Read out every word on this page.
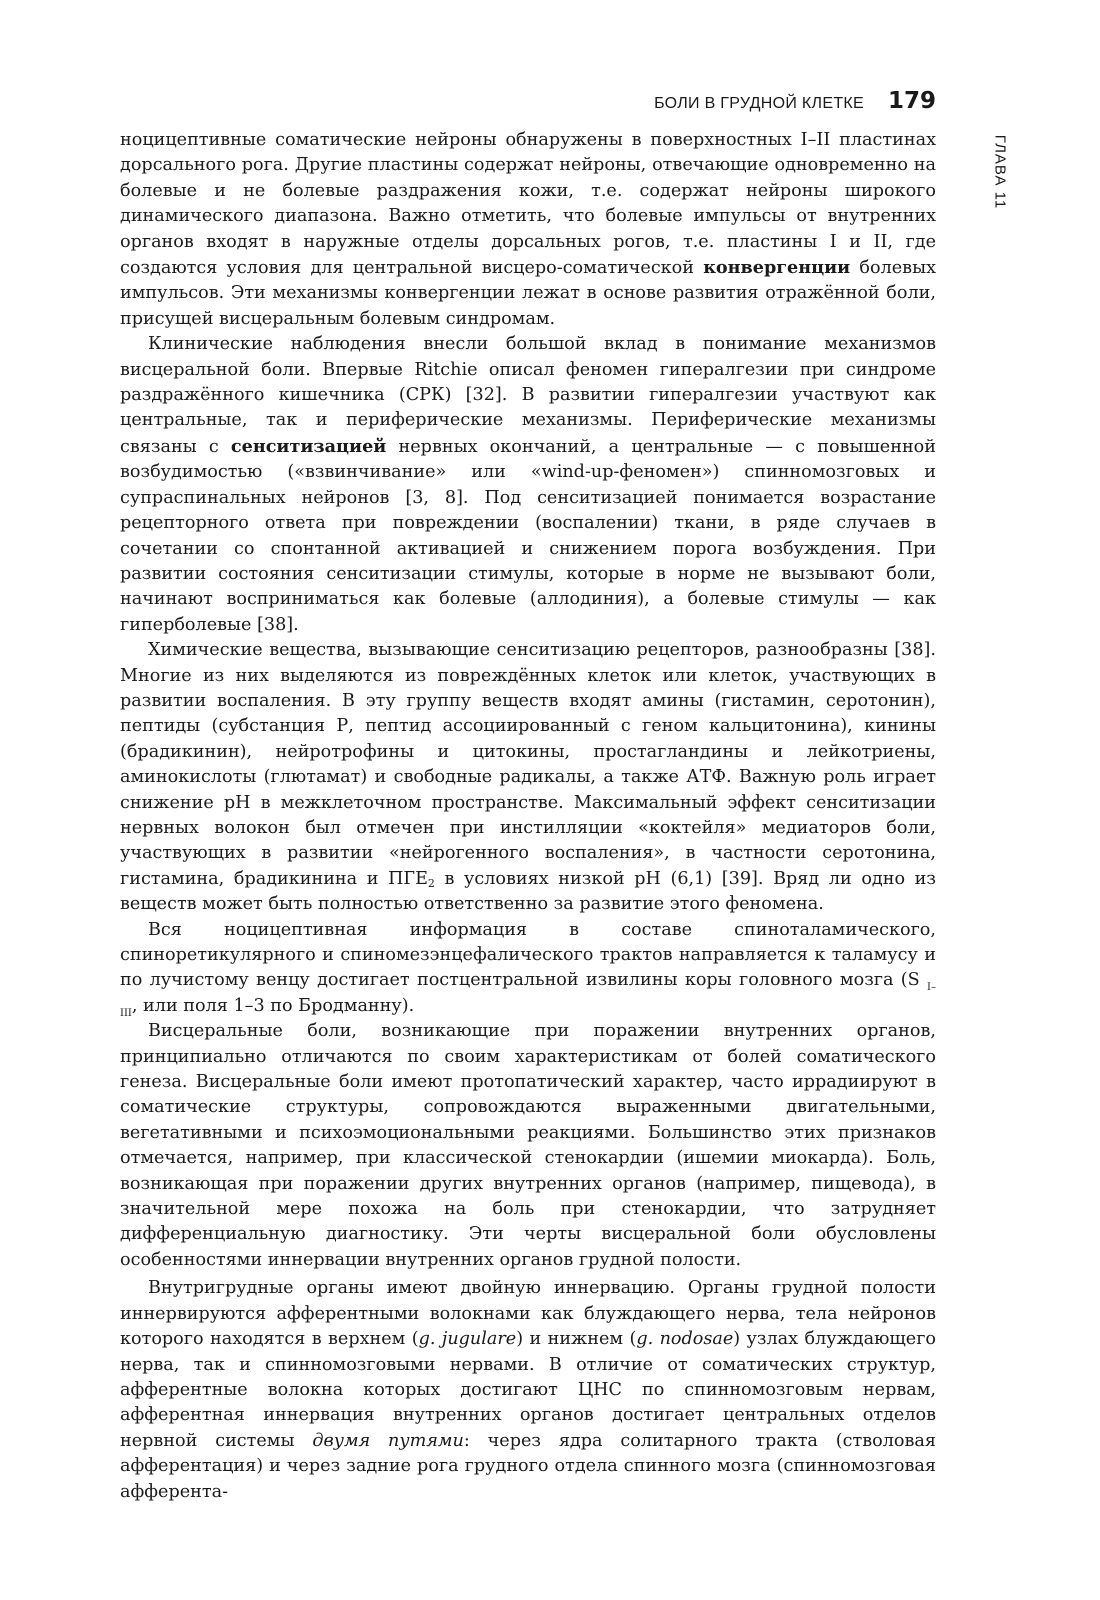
БОЛИ В ГРУДНОЙ КЛЕТКЕ 179
ГЛАВА 11

ноцицептивные соматические нейроны обнаружены в поверхностных I–II пластинах дорсального рога. Другие пластины содержат нейроны, отвечающие одновременно на болевые и не болевые раздражения кожи, т.е. содержат нейроны широкого динамического диапазона. Важно отметить, что болевые импульсы от внутренних органов входят в наружные отделы дорсальных рогов, т.е. пластины I и II, где создаются условия для центральной висцеро-соматической конвергенции болевых импульсов. Эти механизмы конвергенции лежат в основе развития отражённой боли, присущей висцеральным болевым синдромам.

Клинические наблюдения внесли большой вклад в понимание механизмов висцеральной боли. Впервые Ritchie описал феномен гипералгезии при синдроме раздражённого кишечника (СРК) [32]. В развитии гипералгезии участвуют как центральные, так и периферические механизмы. Периферические механизмы связаны с сенситизацией нервных окончаний, а центральные — с повышенной возбудимостью («взвинчивание» или «wind-up-феномен») спинномозговых и супраспинальных нейронов [3, 8]. Под сенситизацией понимается возрастание рецепторного ответа при повреждении (воспалении) ткани, в ряде случаев в сочетании со спонтанной активацией и снижением порога возбуждения. При развитии состояния сенситизации стимулы, которые в норме не вызывают боли, начинают восприниматься как болевые (аллодиния), а болевые стимулы — как гиперболевые [38].

Химические вещества, вызывающие сенситизацию рецепторов, разнообразны [38]. Многие из них выделяются из повреждённых клеток или клеток, участвующих в развитии воспаления. В эту группу веществ входят амины (гистамин, серотонин), пептиды (субстанция Р, пептид ассоциированный с геном кальцитонина), кинины (брадикинин), нейротрофины и цитокины, простагландины и лейкотриены, аминокислоты (глютамат) и свободные радикалы, а также АТФ. Важную роль играет снижение pH в межклеточном пространстве. Максимальный эффект сенситизации нервных волокон был отмечен при инстилляции «коктейля» медиаторов боли, участвующих в развитии «нейрогенного воспаления», в частности серотонина, гистамина, брадикинина и $ПГЕ_2$ в условиях низкой pH (6,1) [39]. Вряд ли одно из веществ может быть полностью ответственно за развитие этого феномена.

Вся ноцицептивная информация в составе спиноталамического, спиноретикулярного и спиномезэнцефалического трактов направляется к таламусу и по лучистому венцу достигает постцентральной извилины коры головного мозга (S $_{I-III}$, или поля 1–3 по Бродманну).

Висцеральные боли, возникающие при поражении внутренних органов, принципиально отличаются по своим характеристикам от болей соматического генеза. Висцеральные боли имеют протопатический характер, часто иррадиируют в соматические структуры, сопровождаются выраженными двигательными, вегетативными и психоэмоциональными реакциями. Большинство этих признаков отмечается, например, при классической стенокардии (ишемии миокарда). Боль, возникающая при поражении других внутренних органов (например, пищевода), в значительной мере похожа на боль при стенокардии, что затрудняет дифференциальную диагностику. Эти черты висцеральной боли обусловлены особенностями иннервации внутренних органов грудной полости.

Внутригрудные органы имеют двойную иннервацию. Органы грудной полости иннервируются афферентными волокнами как блуждающего нерва, тела нейронов которого находятся в верхнем (g. jugulare) и нижнем (g. nodosae) узлах блуждающего нерва, так и спинномозговыми нервами. В отличие от соматических структур, афферентные волокна которых достигают ЦНС по спинномозговым нервам, афферентная иннервация внутренних органов достигает центральных отделов нервной системы двумя путями: через ядра солитарного тракта (стволовая афферентация) и через задние рога грудного отдела спинного мозга (спинномозговая афферента-
